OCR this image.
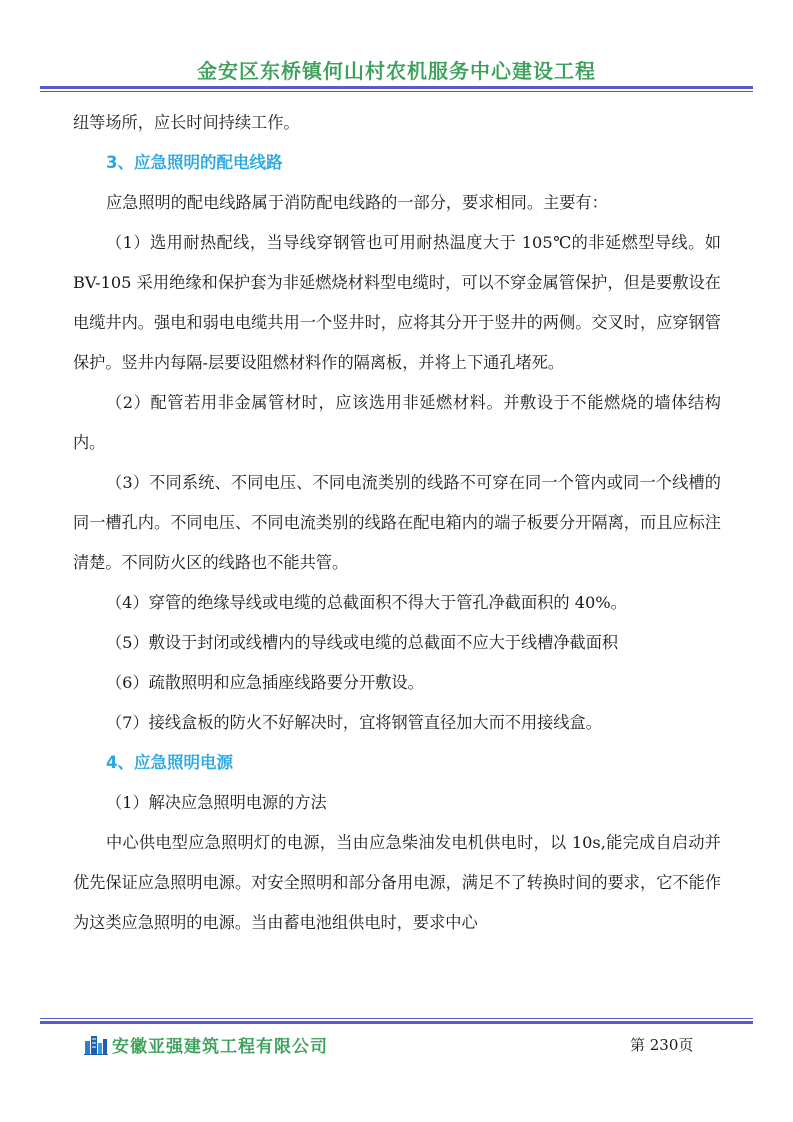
金安区东桥镇何山村农机服务中心建设工程

纽等场所，应长时间持续工作。

3、应急照明的配电线路

应急照明的配电线路属于消防配电线路的一部分，要求相同。主要有：

（1）选用耐热配线，当导线穿钢管也可用耐热温度大于 105℃的非延燃型导线。如 BV-105 采用绝缘和保护套为非延燃烧材料型电缆时，可以不穿金属管保护，但是要敷设在电缆井内。强电和弱电电缆共用一个竖井时，应将其分开于竖井的两侧。交叉时，应穿钢管保护。竖井内每隔-层要设阻燃材料作的隔离板，并将上下通孔堵死。

（2）配管若用非金属管材时，应该选用非延燃材料。并敷设于不能燃烧的墙体结构内。

（3）不同系统、不同电压、不同电流类别的线路不可穿在同一个管内或同一个线槽的同一槽孔内。不同电压、不同电流类别的线路在配电箱内的端子板要分开隔离，而且应标注清楚。不同防火区的线路也不能共管。

（4）穿管的绝缘导线或电缆的总截面积不得大于管孔净截面积的 40%。

（5）敷设于封闭或线槽内的导线或电缆的总截面不应大于线槽净截面积

（6）疏散照明和应急插座线路要分开敷设。

（7）接线盒板的防火不好解决时，宜将钢管直径加大而不用接线盒。

4、应急照明电源

（1）解决应急照明电源的方法

中心供电型应急照明灯的电源，当由应急柴油发电机供电时，以 10s,能完成自启动并优先保证应急照明电源。对安全照明和部分备用电源，满足不了转换时间的要求，它不能作为这类应急照明的电源。当由蓄电池组供电时，要求中心

安徽亚强建筑工程有限公司	第 230页
